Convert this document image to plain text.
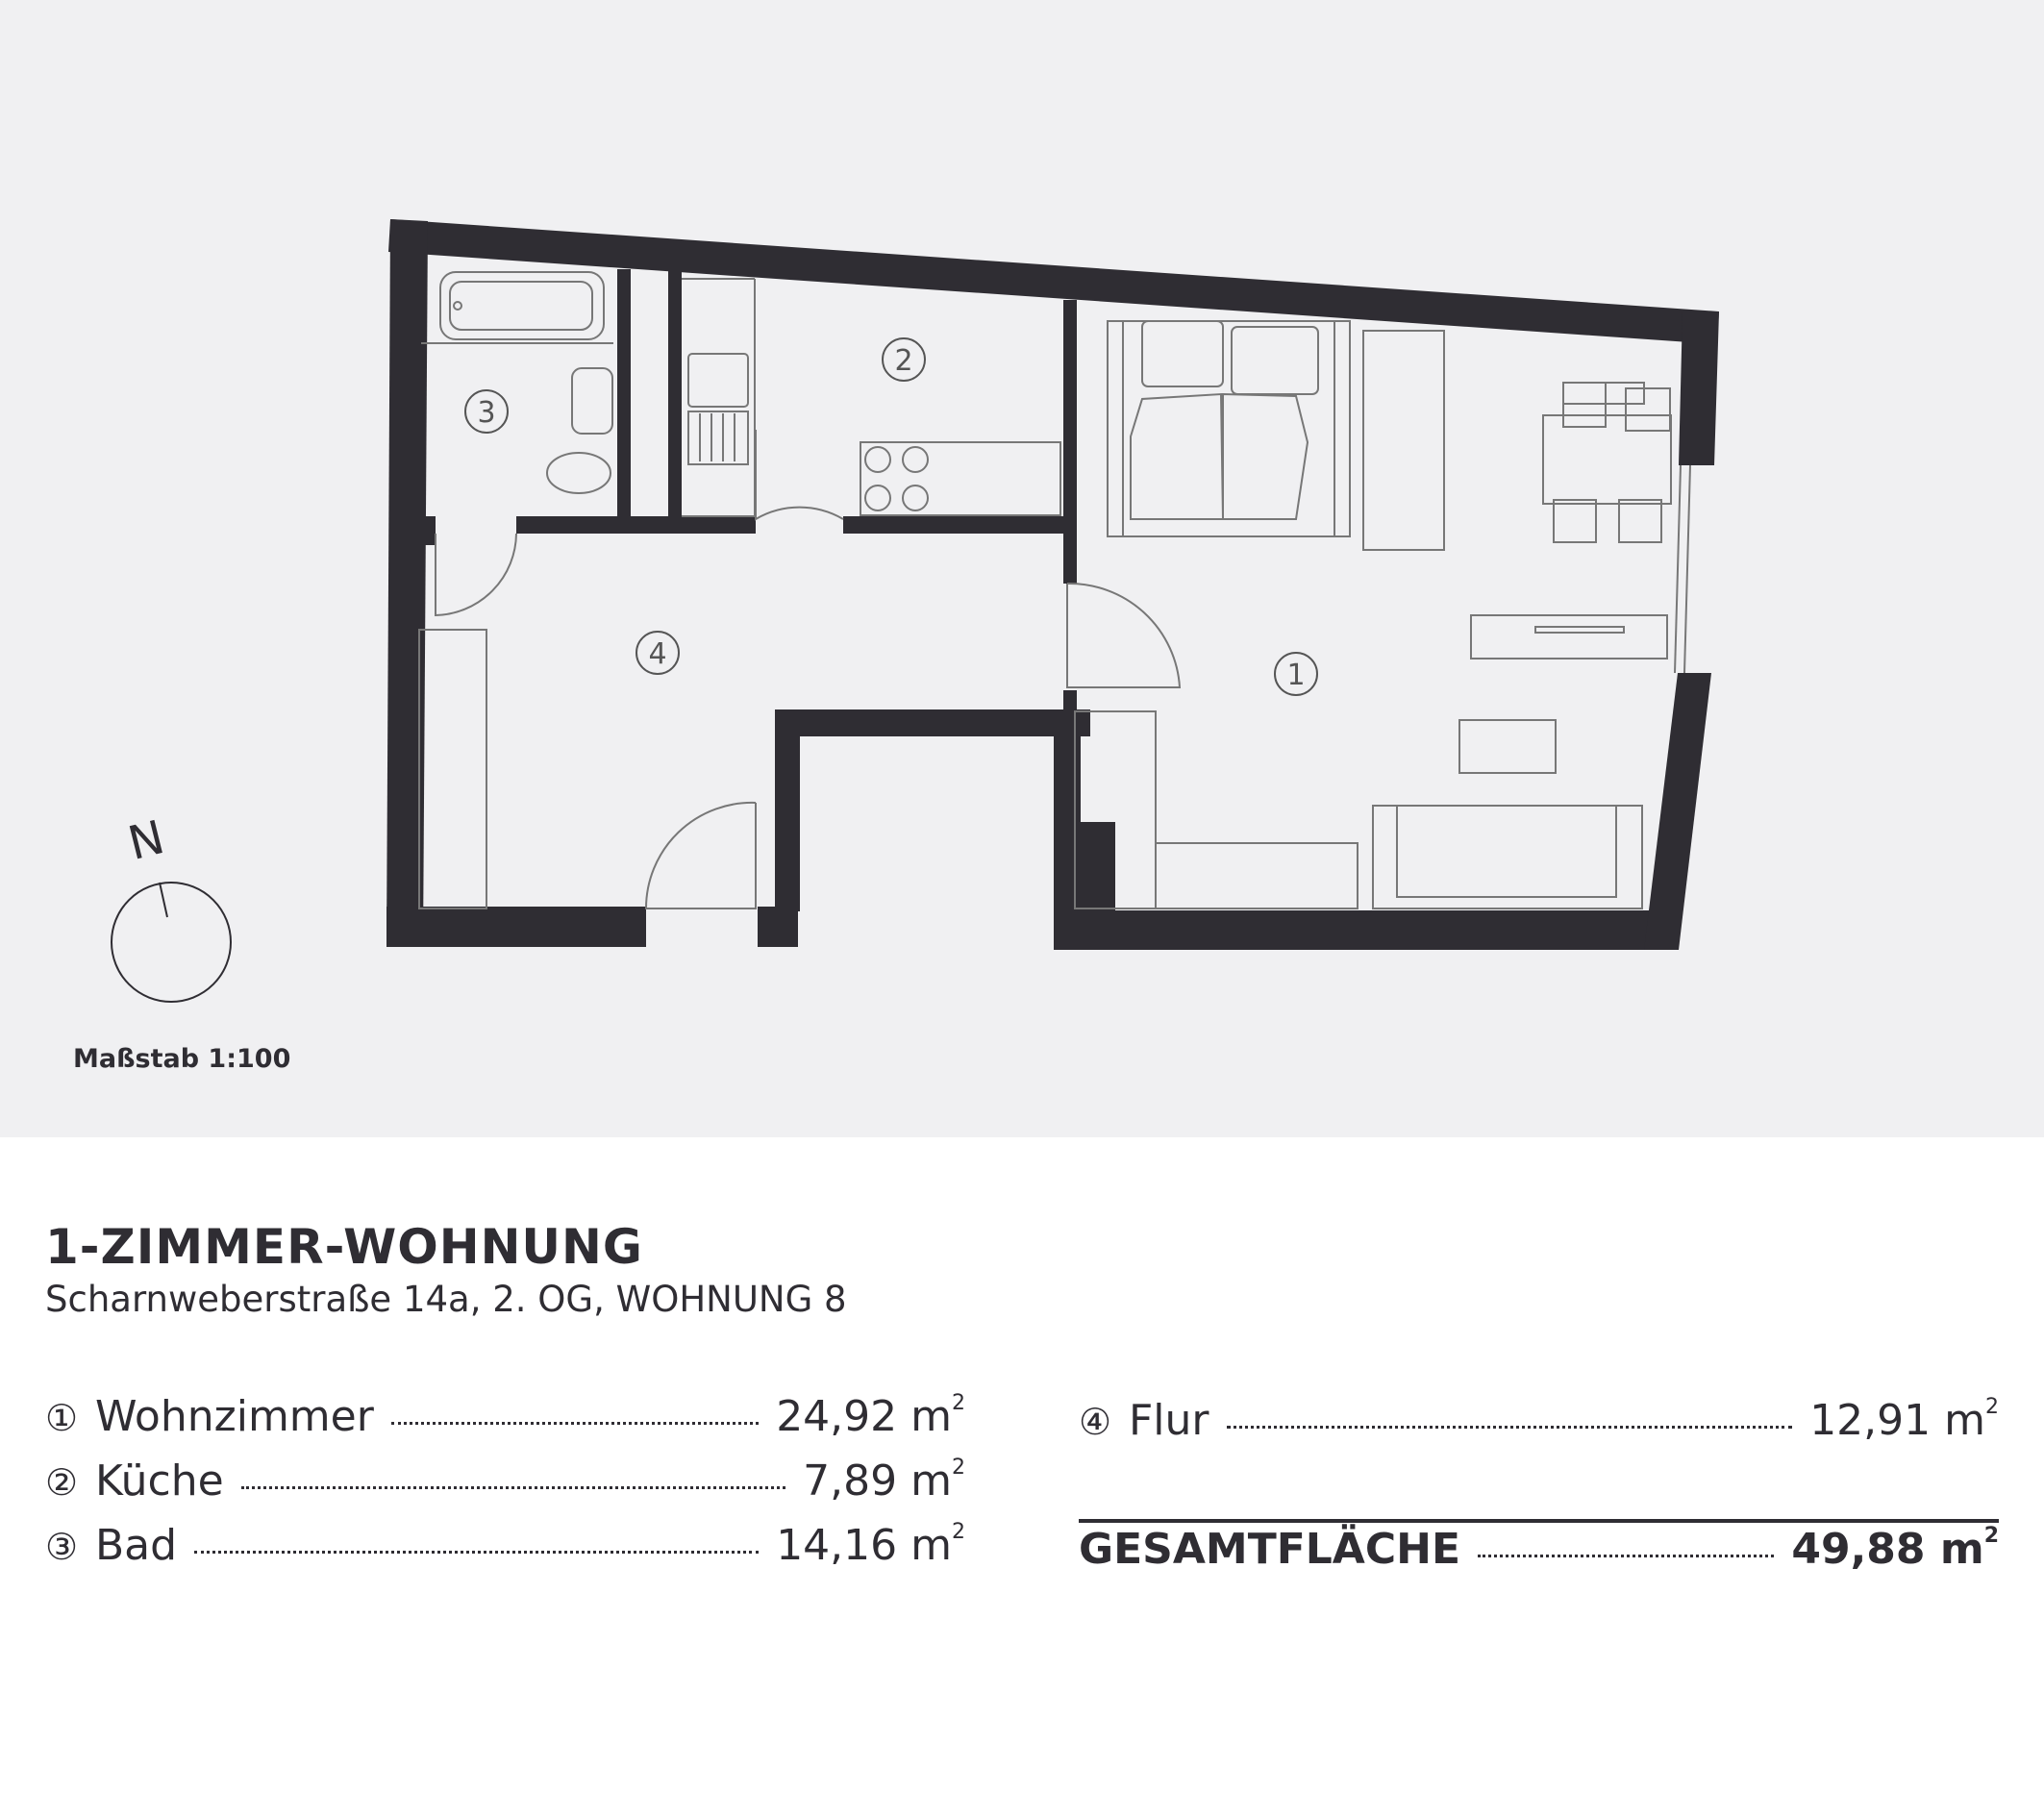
1
2
3
4
N
Maßstab 1:100
1-ZIMMER-WOHNUNG
Scharnweberstraße 14a, 2. OG, WOHNUNG 8
① Wohnzimmer	24,92 $m^2$
② Küche	7,89 $m^2$
③ Bad	14,16 $m^2$
④ Flur	12,91 $m^2$
GESAMTFLÄCHE	49,88 $m^2$
